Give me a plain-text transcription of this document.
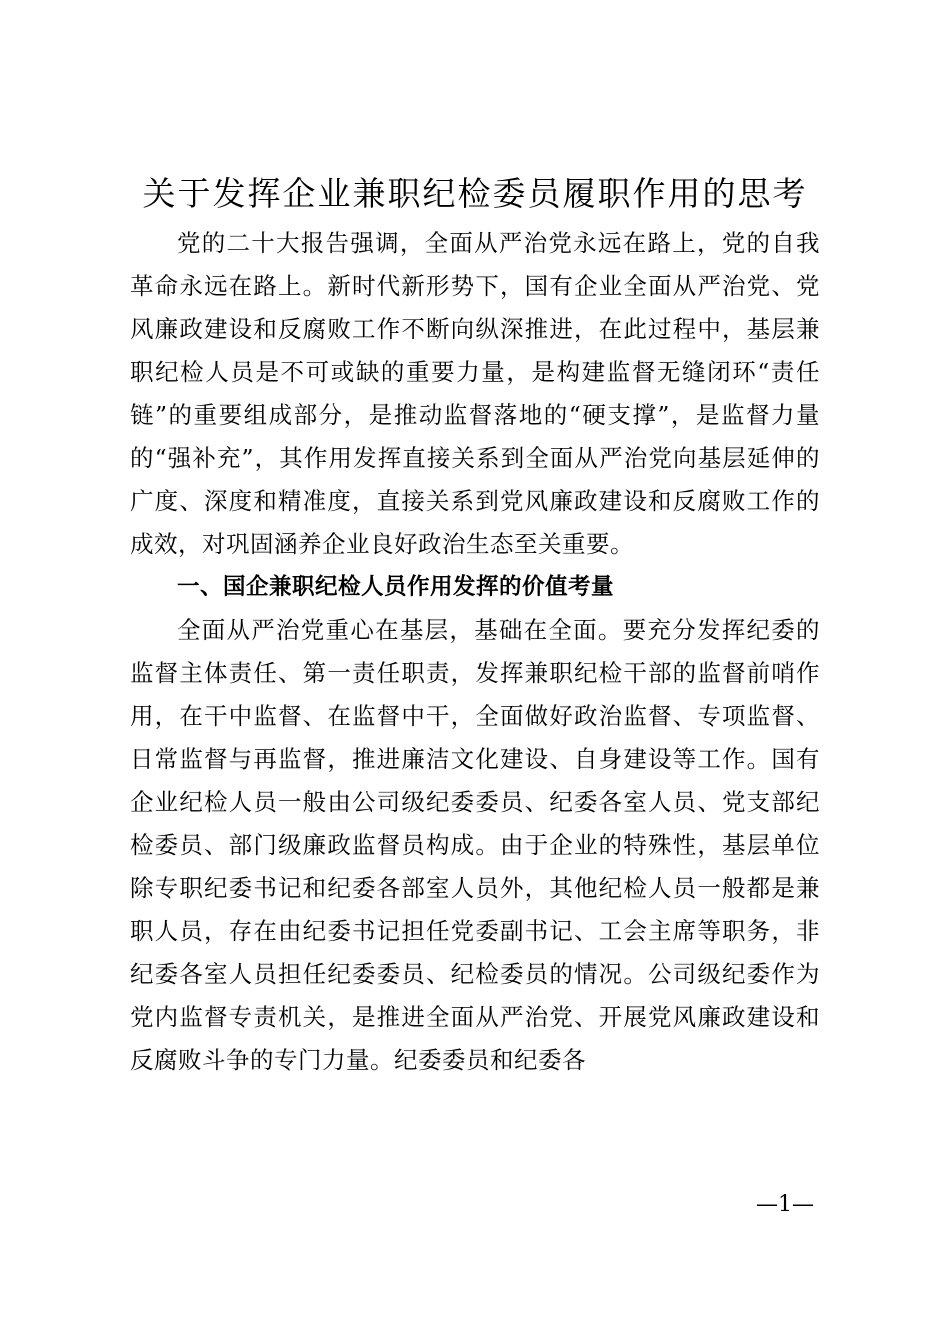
关于发挥企业兼职纪检委员履职作用的思考

党的二十大报告强调，全面从严治党永远在路上，党的自我革命永远在路上。新时代新形势下，国有企业全面从严治党、党风廉政建设和反腐败工作不断向纵深推进，在此过程中，基层兼职纪检人员是不可或缺的重要力量，是构建监督无缝闭环“责任链”的重要组成部分，是推动监督落地的“硬支撑”，是监督力量的“强补充”，其作用发挥直接关系到全面从严治党向基层延伸的广度、深度和精准度，直接关系到党风廉政建设和反腐败工作的成效，对巩固涵养企业良好政治生态至关重要。

一、国企兼职纪检人员作用发挥的价值考量

全面从严治党重心在基层，基础在全面。要充分发挥纪委的监督主体责任、第一责任职责，发挥兼职纪检干部的监督前哨作用，在干中监督、在监督中干，全面做好政治监督、专项监督、日常监督与再监督，推进廉洁文化建设、自身建设等工作。国有企业纪检人员一般由公司级纪委委员、纪委各室人员、党支部纪检委员、部门级廉政监督员构成。由于企业的特殊性，基层单位除专职纪委书记和纪委各部室人员外，其他纪检人员一般都是兼职人员，存在由纪委书记担任党委副书记、工会主席等职务，非纪委各室人员担任纪委委员、纪检委员的情况。公司级纪委作为党内监督专责机关，是推进全面从严治党、开展党风廉政建设和反腐败斗争的专门力量。纪委委员和纪委各

—1—
